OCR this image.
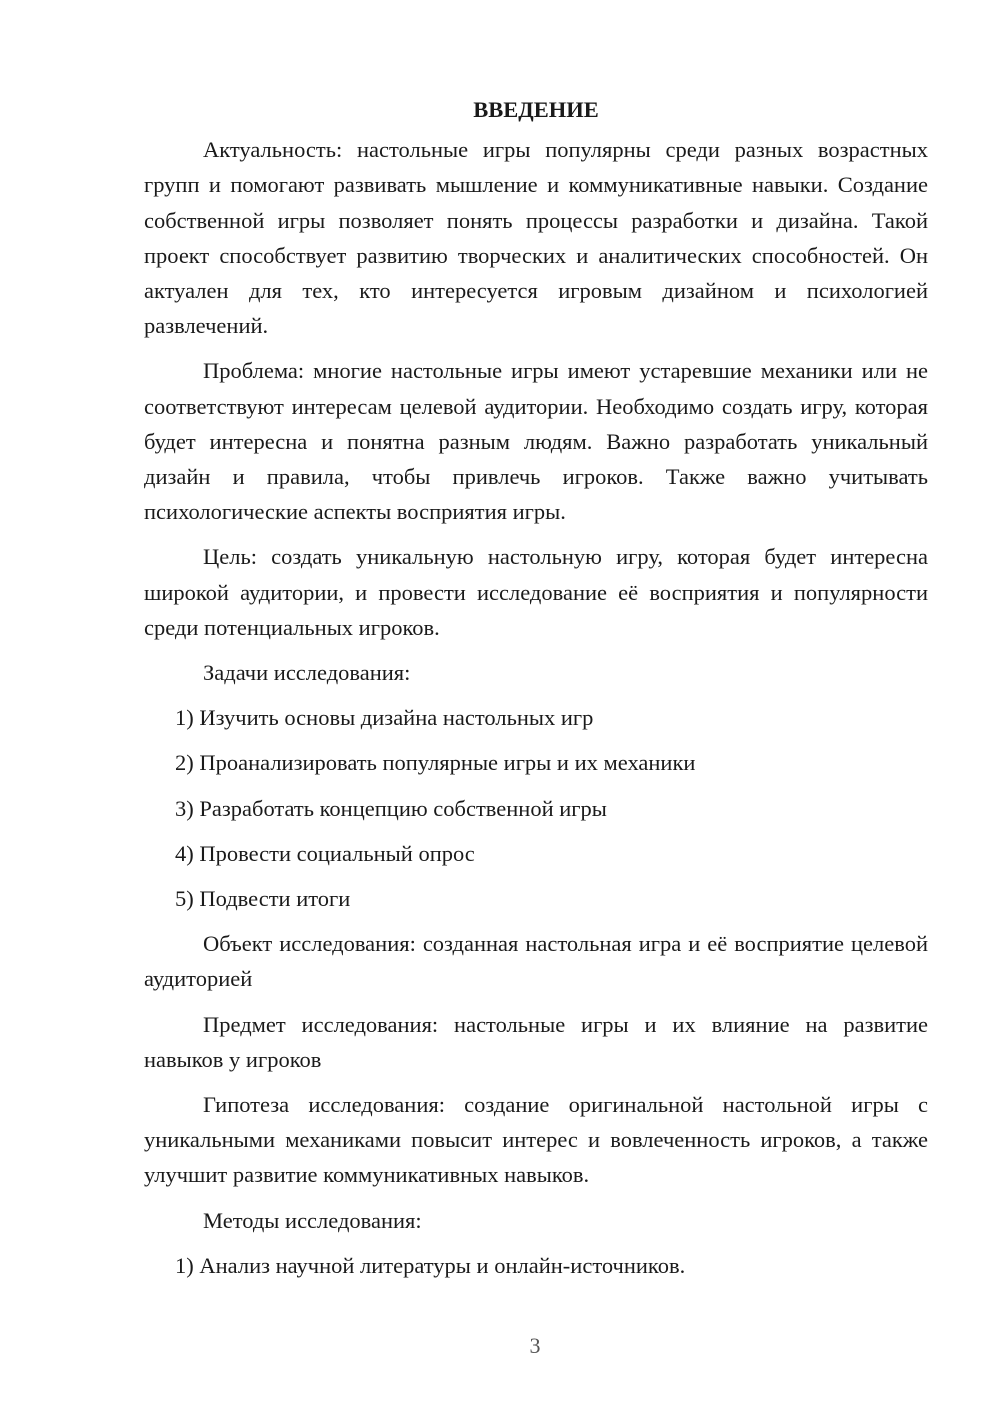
ВВЕДЕНИЕ

Актуальность: настольные игры популярны среди разных возрастных групп и помогают развивать мышление и коммуникативные навыки. Создание собственной игры позволяет понять процессы разработки и дизайна. Такой проект способствует развитию творческих и аналитических способностей. Он актуален для тех, кто интересуется игровым дизайном и психологией развлечений.

Проблема: многие настольные игры имеют устаревшие механики или не соответствуют интересам целевой аудитории. Необходимо создать игру, которая будет интересна и понятна разным людям. Важно разработать уникальный дизайн и правила, чтобы привлечь игроков. Также важно учитывать психологические аспекты восприятия игры.

Цель: создать уникальную настольную игру, которая будет интересна широкой аудитории, и провести исследование её восприятия и популярности среди потенциальных игроков.

Задачи исследования:

1) Изучить основы дизайна настольных игр

2) Проанализировать популярные игры и их механики

3) Разработать концепцию собственной игры

4) Провести социальный опрос

5) Подвести итоги

Объект исследования: созданная настольная игра и её восприятие целевой аудиторией

Предмет исследования: настольные игры и их влияние на развитие навыков у игроков

Гипотеза исследования: создание оригинальной настольной игры с уникальными механиками повысит интерес и вовлеченность игроков, а также улучшит развитие коммуникативных навыков.

Методы исследования:

1) Анализ научной литературы и онлайн-источников.

3
